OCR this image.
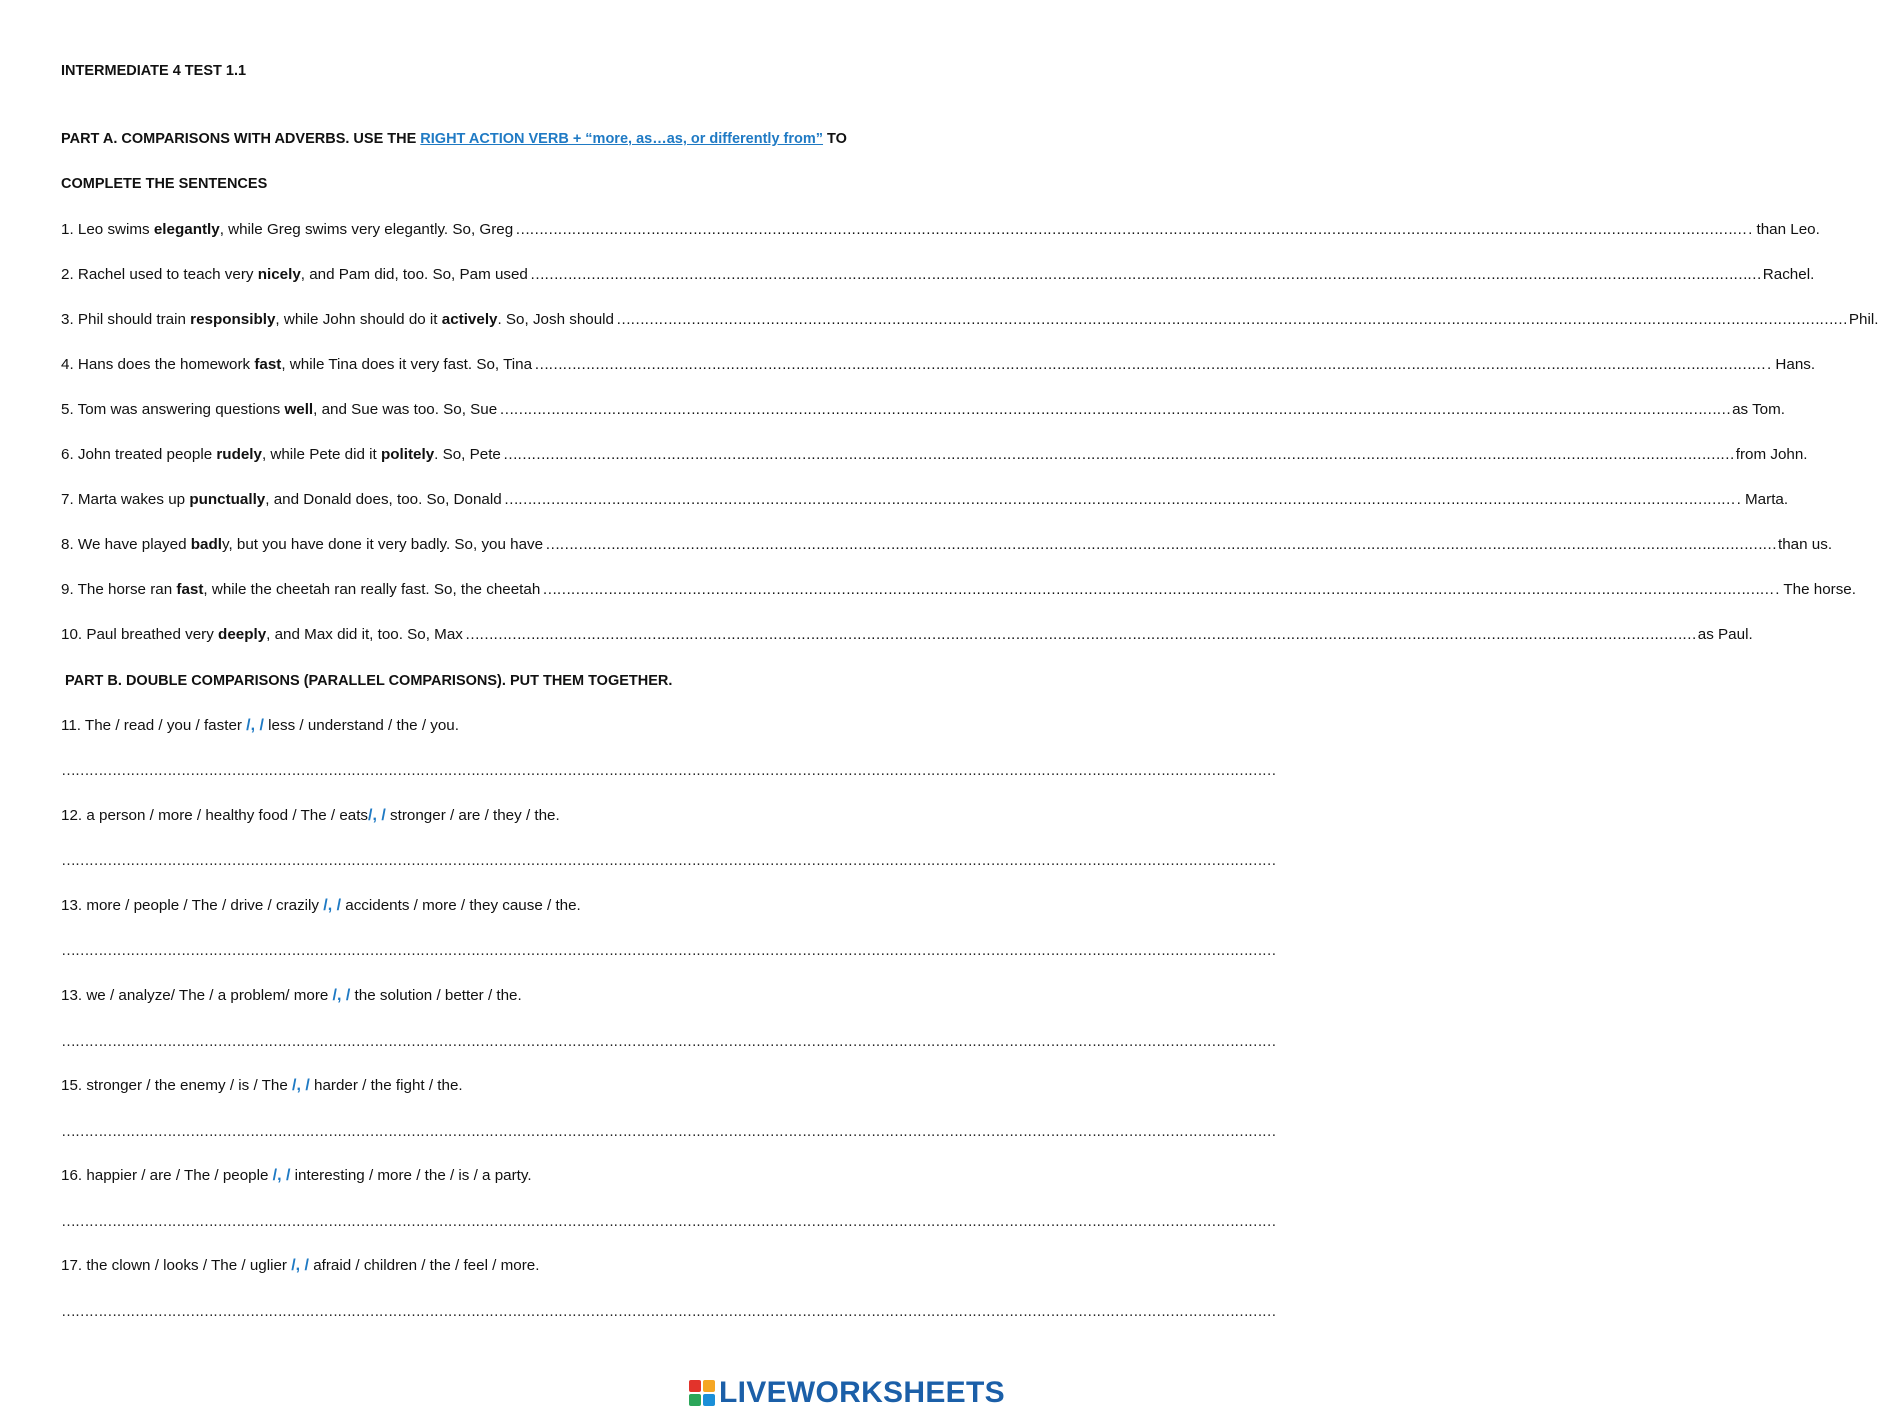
INTERMEDIATE 4 TEST 1.1
PART A. COMPARISONS WITH ADVERBS. USE THE RIGHT ACTION VERB + “more, as…as, or differently from” TO
COMPLETE THE SENTENCES
1. Leo swims elegantly, while Greg swims very elegantly. So, Greg ………………………………………………………………………………………………………………………………………………………………………………………………………………………………………… . than Leo.
2. Rachel used to teach very nicely, and Pam did, too. So, Pam used ………………………………………………………………………………………………………………………………………………………………………………………………………………………………………… Rachel.
3. Phil should train responsibly, while John should do it actively. So, Josh should ………………………………………………………………………………………………………………………………………………………………………………………………………………………………………… Phil.
4. Hans does the homework fast, while Tina does it very fast. So, Tina ………………………………………………………………………………………………………………………………………………………………………………………………………………………………………… . Hans.
5. Tom was answering questions well, and Sue was too. So, Sue ………………………………………………………………………………………………………………………………………………………………………………………………………………………………………… as Tom.
6. John treated people rudely, while Pete did it politely. So, Pete ………………………………………………………………………………………………………………………………………………………………………………………………………………………………………… from John.
7. Marta wakes up punctually, and Donald does, too. So, Donald ………………………………………………………………………………………………………………………………………………………………………………………………………………………………………… . Marta.
8. We have played badly, but you have done it very badly. So, you have ………………………………………………………………………………………………………………………………………………………………………………………………………………………………………… than us.
9. The horse ran fast, while the cheetah ran really fast. So, the cheetah ………………………………………………………………………………………………………………………………………………………………………………………………………………………………………… . The horse.
10. Paul breathed very deeply, and Max did it, too. So, Max ………………………………………………………………………………………………………………………………………………………………………………………………………………………………………… as Paul.
PART B. DOUBLE COMPARISONS (PARALLEL COMPARISONS). PUT THEM TOGETHER.
11. The / read / you / faster /, / less / understand / the / you.
…………………………………………………………………………………………………………………………………………………………………………………………………………………………………………
12. a person / more / healthy food / The / eats/, / stronger / are / they / the.
…………………………………………………………………………………………………………………………………………………………………………………………………………………………………………
13. more / people / The / drive / crazily /, / accidents / more / they cause / the.
…………………………………………………………………………………………………………………………………………………………………………………………………………………………………………
13. we / analyze/ The / a problem/ more /, / the solution / better / the.
…………………………………………………………………………………………………………………………………………………………………………………………………………………………………………
15. stronger / the enemy / is / The /, / harder / the fight / the.
…………………………………………………………………………………………………………………………………………………………………………………………………………………………………………
16. happier / are / The / people /, / interesting / more / the / is / a party.
…………………………………………………………………………………………………………………………………………………………………………………………………………………………………………
17. the clown / looks / The / uglier /, / afraid / children / the / feel / more.
…………………………………………………………………………………………………………………………………………………………………………………………………………………………………………
LIVEWORKSHEETS
